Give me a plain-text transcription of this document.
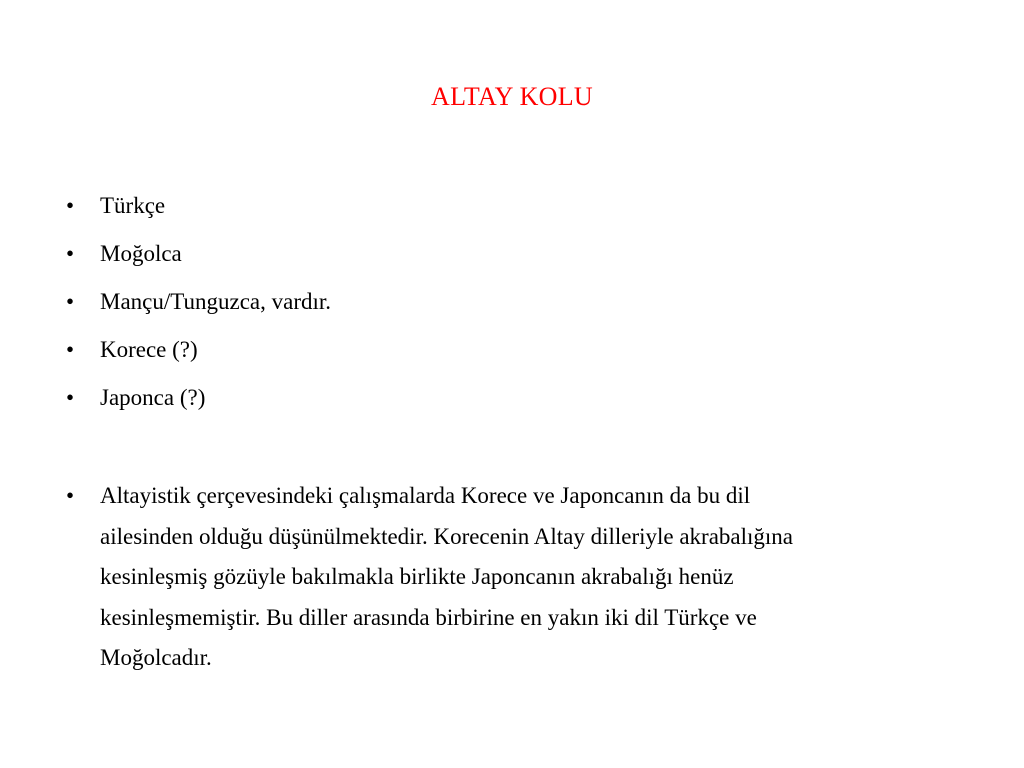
ALTAY KOLU
• Türkçe
• Moğolca
• Mançu/Tunguzca, vardır.
• Korece (?)
• Japonca (?)
• Altayistik çerçevesindeki çalışmalarda Korece ve Japoncanın da bu dil
ailesinden olduğu düşünülmektedir. Korecenin Altay dilleriyle akrabalığına
kesinleşmiş gözüyle bakılmakla birlikte Japoncanın akrabalığı henüz
kesinleşmemiştir. Bu diller arasında birbirine en yakın iki dil Türkçe ve
Moğolcadır.
